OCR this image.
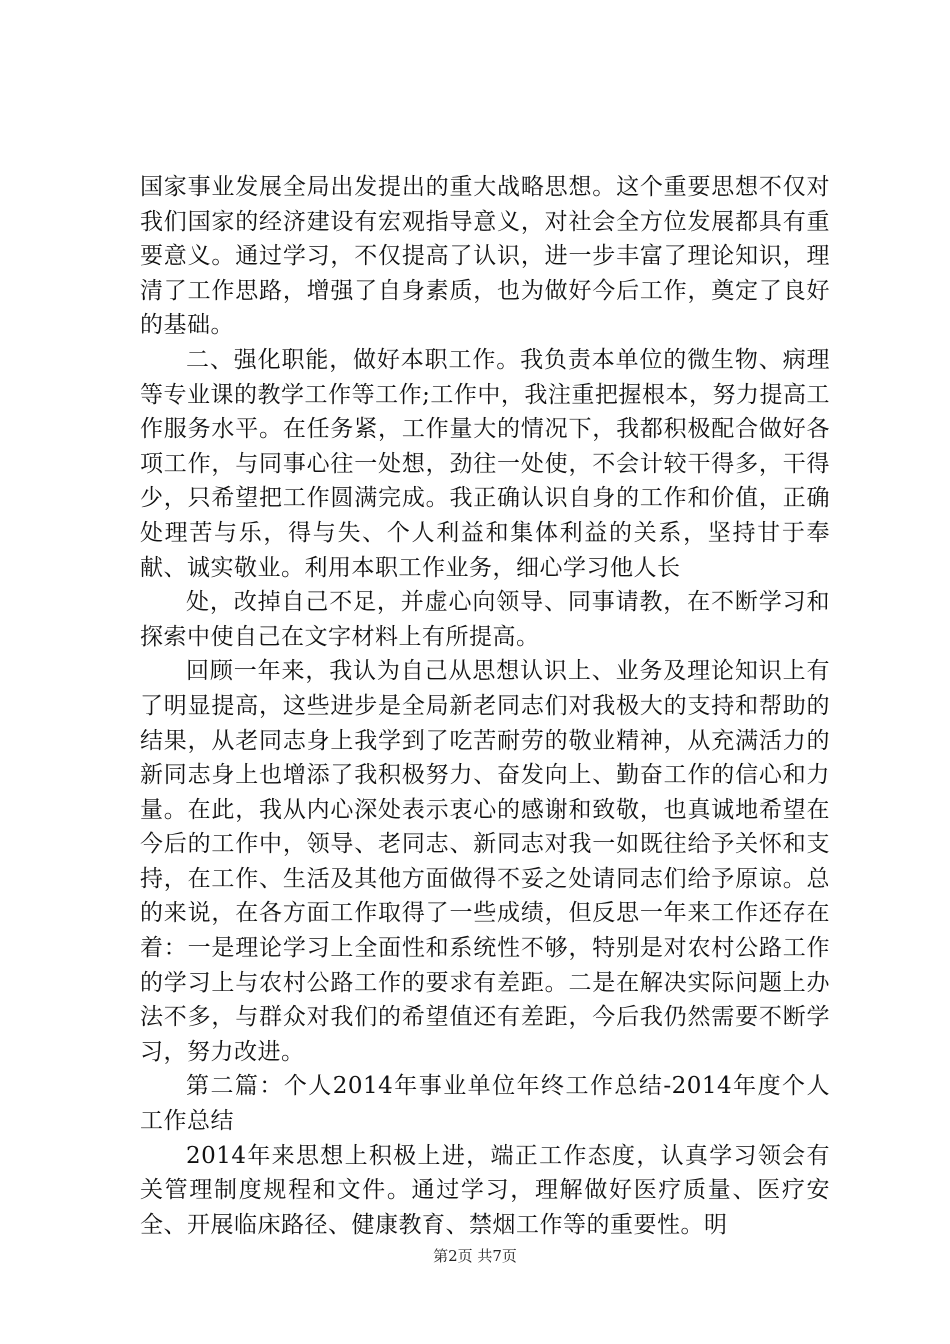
国家事业发展全局出发提出的重大战略思想。这个重要思想不仅对我们国家的经济建设有宏观指导意义，对社会全方位发展都具有重要意义。通过学习，不仅提高了认识，进一步丰富了理论知识，理清了工作思路，增强了自身素质，也为做好今后工作，奠定了良好的基础。

二、强化职能，做好本职工作。我负责本单位的微生物、病理等专业课的教学工作等工作;工作中，我注重把握根本，努力提高工作服务水平。在任务紧，工作量大的情况下，我都积极配合做好各项工作，与同事心往一处想，劲往一处使，不会计较干得多，干得少，只希望把工作圆满完成。我正确认识自身的工作和价值，正确处理苦与乐，得与失、个人利益和集体利益的关系，坚持甘于奉献、诚实敬业。利用本职工作业务，细心学习他人长

处，改掉自己不足，并虚心向领导、同事请教，在不断学习和探索中使自己在文字材料上有所提高。

回顾一年来，我认为自己从思想认识上、业务及理论知识上有了明显提高，这些进步是全局新老同志们对我极大的支持和帮助的结果，从老同志身上我学到了吃苦耐劳的敬业精神，从充满活力的新同志身上也增添了我积极努力、奋发向上、勤奋工作的信心和力量。在此，我从内心深处表示衷心的感谢和致敬，也真诚地希望在今后的工作中，领导、老同志、新同志对我一如既往给予关怀和支持，在工作、生活及其他方面做得不妥之处请同志们给予原谅。总的来说，在各方面工作取得了一些成绩，但反思一年来工作还存在着：一是理论学习上全面性和系统性不够，特别是对农村公路工作的学习上与农村公路工作的要求有差距。二是在解决实际问题上办法不多，与群众对我们的希望值还有差距，今后我仍然需要不断学习，努力改进。

第二篇：个人2014年事业单位年终工作总结-2014年度个人工作总结

2014年来思想上积极上进，端正工作态度，认真学习领会有关管理制度规程和文件。通过学习，理解做好医疗质量、医疗安全、开展临床路径、健康教育、禁烟工作等的重要性。明

第2页 共7页
